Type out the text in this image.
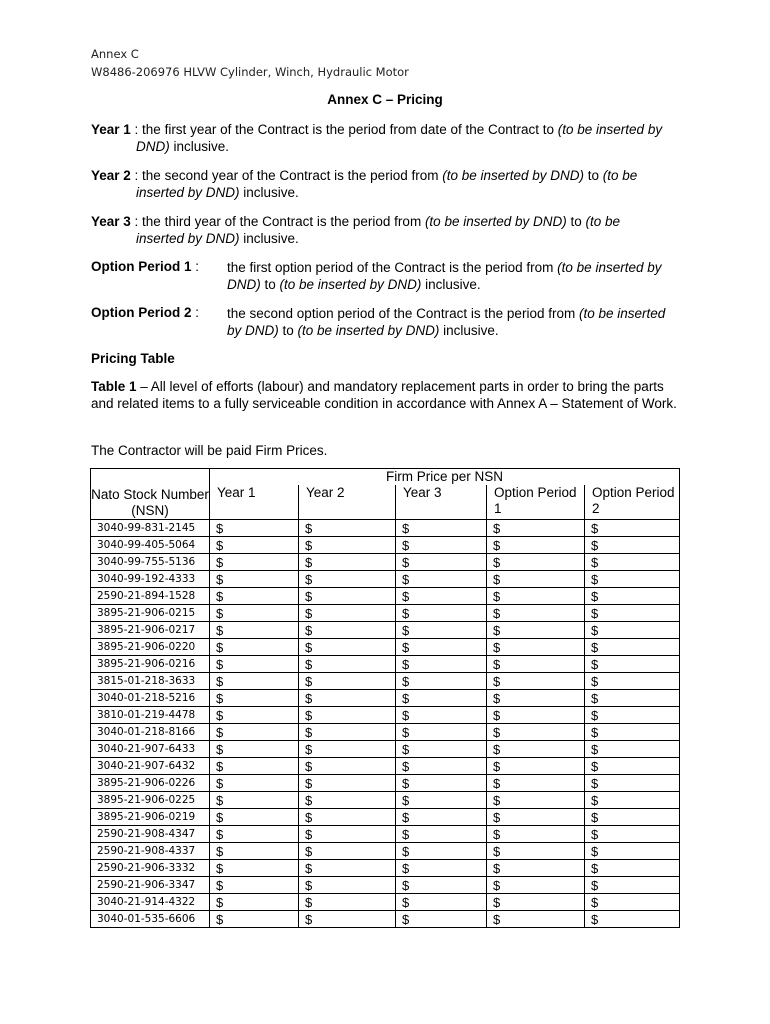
Annex C
W8486-206976 HLVW Cylinder, Winch, Hydraulic Motor
Annex C – Pricing
Year 1 : the first year of the Contract is the period from date of the Contract to (to be inserted by
DND) inclusive.
Year 2 : the second year of the Contract is the period from (to be inserted by DND) to (to be
inserted by DND) inclusive.
Year 3 : the third year of the Contract is the period from (to be inserted by DND) to (to be
inserted by DND) inclusive.
Option Period 1 : the first option period of the Contract is the period from (to be inserted by
DND) to (to be inserted by DND) inclusive.
Option Period 2 : the second option period of the Contract is the period from (to be inserted
by DND) to (to be inserted by DND) inclusive.
Pricing Table
Table 1 – All level of efforts (labour) and mandatory replacement parts in order to bring the parts and related items to a fully serviceable condition in accordance with Annex A – Statement of Work.
The Contractor will be paid Firm Prices.
Nato Stock Number (NSN)	Firm Price per NSN				
	Year 1	Year 2	Year 3	Option Period 1	Option Period 2
3040-99-831-2145	$	$	$	$	$
3040-99-405-5064	$	$	$	$	$
3040-99-755-5136	$	$	$	$	$
3040-99-192-4333	$	$	$	$	$
2590-21-894-1528	$	$	$	$	$
3895-21-906-0215	$	$	$	$	$
3895-21-906-0217	$	$	$	$	$
3895-21-906-0220	$	$	$	$	$
3895-21-906-0216	$	$	$	$	$
3815-01-218-3633	$	$	$	$	$
3040-01-218-5216	$	$	$	$	$
3810-01-219-4478	$	$	$	$	$
3040-01-218-8166	$	$	$	$	$
3040-21-907-6433	$	$	$	$	$
3040-21-907-6432	$	$	$	$	$
3895-21-906-0226	$	$	$	$	$
3895-21-906-0225	$	$	$	$	$
3895-21-906-0219	$	$	$	$	$
2590-21-908-4347	$	$	$	$	$
2590-21-908-4337	$	$	$	$	$
2590-21-906-3332	$	$	$	$	$
2590-21-906-3347	$	$	$	$	$
3040-21-914-4322	$	$	$	$	$
3040-01-535-6606	$	$	$	$	$
